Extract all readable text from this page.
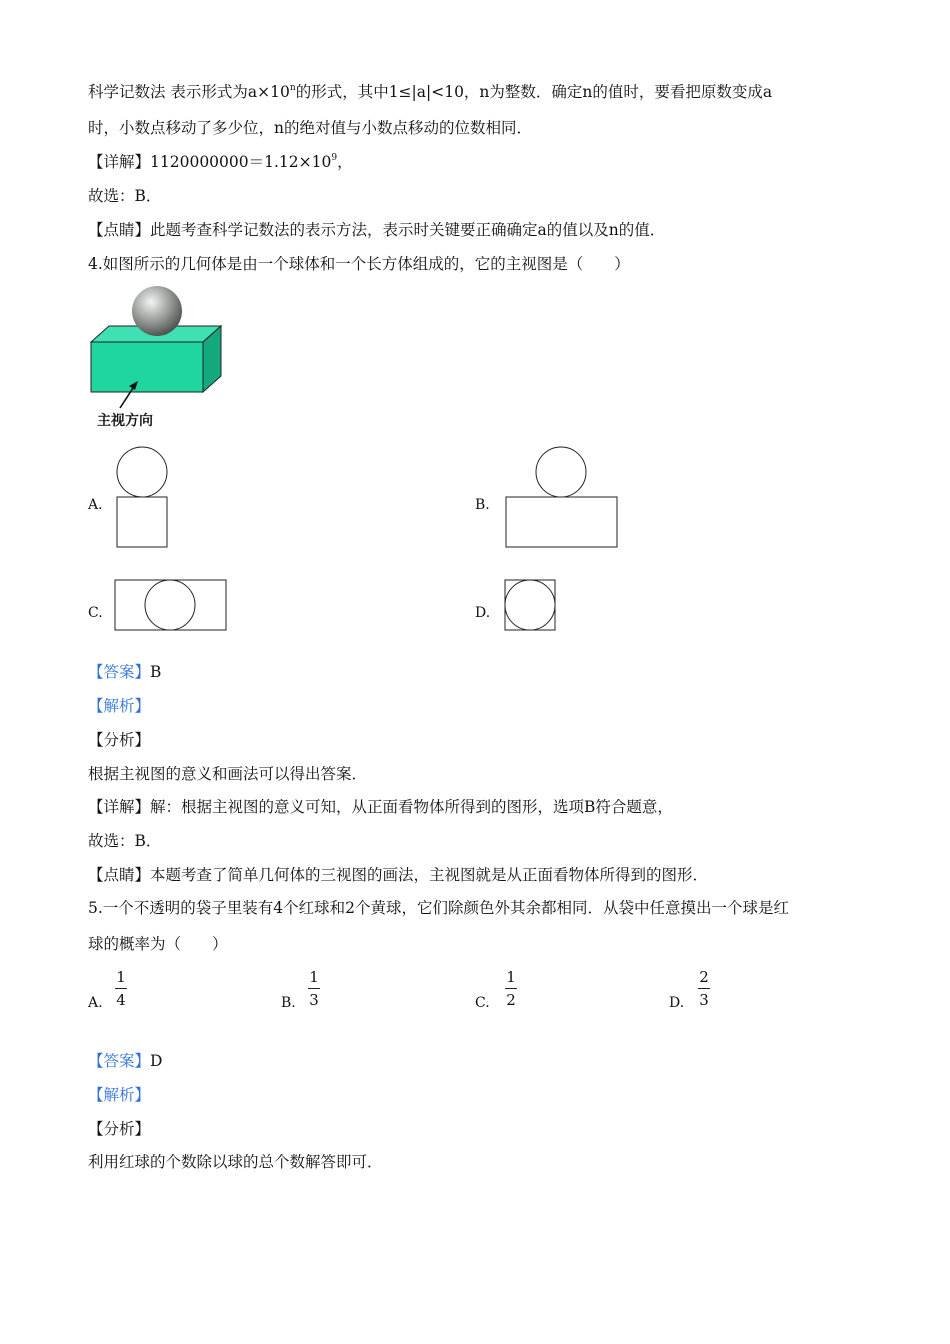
科学记数法 表示形式为$a\times 10^n$的形式，其中1≤|a|<10，n为整数．确定n的值时，要看把原数变成a
时，小数点移动了多少位，n的绝对值与小数点移动的位数相同．
【详解】$1120000000=1.12\times 10^9$，
故选：B．
【点睛】此题考查科学记数法的表示方法，表示时关键要正确确定a的值以及n的值．
4.如图所示的几何体是由一个球体和一个长方体组成的，它的主视图是（　　）
主视方向
A.	B.
C.	D.
【答案】B
【解析】
【分析】
根据主视图的意义和画法可以得出答案．
【详解】解：根据主视图的意义可知，从正面看物体所得到的图形，选项B符合题意，
故选：B．
【点睛】本题考查了简单几何体的三视图的画法，主视图就是从正面看物体所得到的图形．
5.一个不透明的袋子里装有4个红球和2个黄球，它们除颜色外其余都相同．从袋中任意摸出一个球是红
球的概率为（　　）
A.
1
4	B.
1
3	C.
1
2	D.
2
3
【答案】D
【解析】
【分析】
利用红球的个数除以球的总个数解答即可．
